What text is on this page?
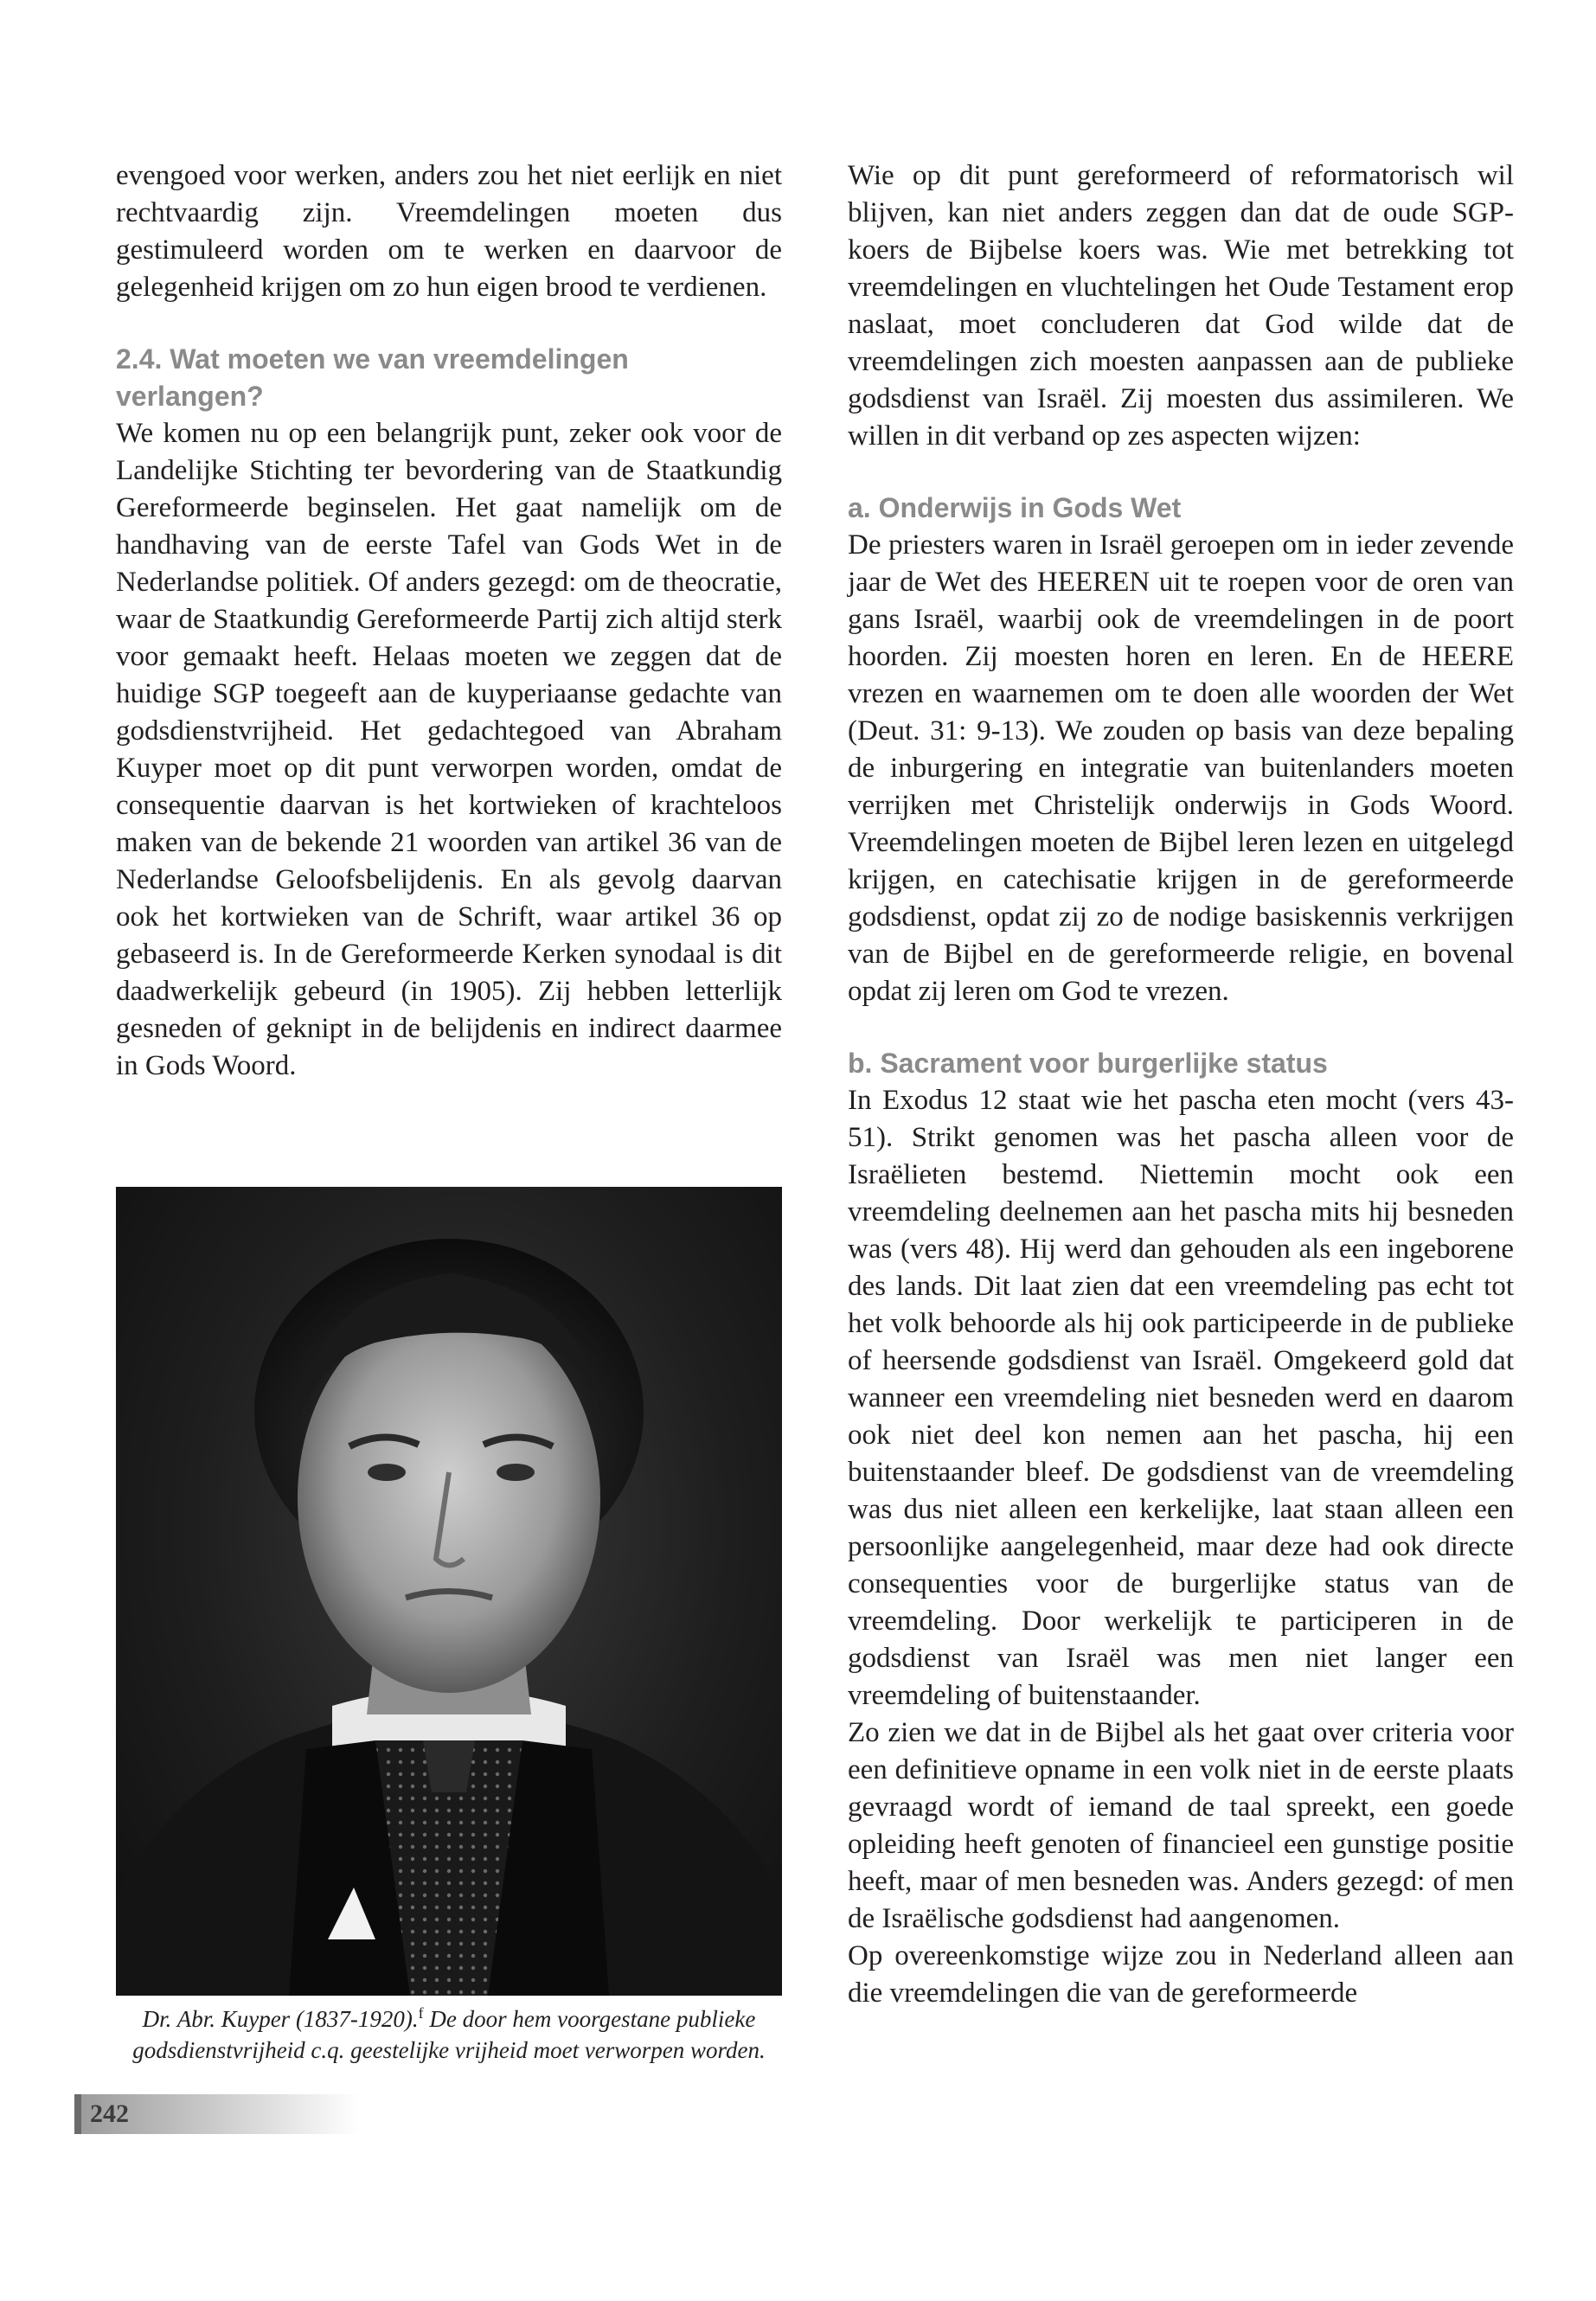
evengoed voor werken, anders zou het niet eerlijk en niet rechtvaardig zijn. Vreemdelingen moeten dus gestimuleerd worden om te werken en daarvoor de gelegenheid krijgen om zo hun eigen brood te verdienen.

2.4. Wat moeten we van vreemdelingen verlangen?

We komen nu op een belangrijk punt, zeker ook voor de Landelijke Stichting ter bevordering van de Staatkundig Gereformeerde beginselen. Het gaat namelijk om de handhaving van de eerste Tafel van Gods Wet in de Nederlandse politiek. Of anders gezegd: om de theocratie, waar de Staatkundig Gereformeerde Partij zich altijd sterk voor gemaakt heeft. Helaas moeten we zeggen dat de huidige SGP toegeeft aan de kuyperiaanse gedachte van godsdienstvrijheid. Het gedachtegoed van Abraham Kuyper moet op dit punt verworpen worden, omdat de consequentie daarvan is het kortwieken of krachteloos maken van de bekende 21 woorden van artikel 36 van de Nederlandse Geloofsbelijdenis. En als gevolg daarvan ook het kortwieken van de Schrift, waar artikel 36 op gebaseerd is. In de Gereformeerde Kerken synodaal is dit daadwerkelijk gebeurd (in 1905). Zij hebben letterlijk gesneden of geknipt in de belijdenis en indirect daarmee in Gods Woord.

Dr. Abr. Kuyper (1837-1920).$^f$ De door hem voorgestane publieke godsdienstvrijheid c.q. geestelijke vrijheid moet verworpen worden.

Wie op dit punt gereformeerd of reformatorisch wil blijven, kan niet anders zeggen dan dat de oude SGP-koers de Bijbelse koers was. Wie met betrekking tot vreemdelingen en vluchtelingen het Oude Testament erop naslaat, moet concluderen dat God wilde dat de vreemdelingen zich moesten aanpassen aan de publieke godsdienst van Israël. Zij moesten dus assimileren. We willen in dit verband op zes aspecten wijzen:

a. Onderwijs in Gods Wet

De priesters waren in Israël geroepen om in ieder zevende jaar de Wet des HEEREN uit te roepen voor de oren van gans Israël, waarbij ook de vreemdelingen in de poort hoorden. Zij moesten horen en leren. En de HEERE vrezen en waarnemen om te doen alle woorden der Wet (Deut. 31: 9-13). We zouden op basis van deze bepaling de inburgering en integratie van buitenlanders moeten verrijken met Christelijk onderwijs in Gods Woord. Vreemdelingen moeten de Bijbel leren lezen en uitgelegd krijgen, en catechisatie krijgen in de gereformeerde godsdienst, opdat zij zo de nodige basiskennis verkrijgen van de Bijbel en de gereformeerde religie, en bovenal opdat zij leren om God te vrezen.

b. Sacrament voor burgerlijke status

In Exodus 12 staat wie het pascha eten mocht (vers 43-51). Strikt genomen was het pascha alleen voor de Israëlieten bestemd. Niettemin mocht ook een vreemdeling deelnemen aan het pascha mits hij besneden was (vers 48). Hij werd dan gehouden als een ingeborene des lands. Dit laat zien dat een vreemdeling pas echt tot het volk behoorde als hij ook participeerde in de publieke of heersende godsdienst van Israël. Omgekeerd gold dat wanneer een vreemdeling niet besneden werd en daarom ook niet deel kon nemen aan het pascha, hij een buitenstaander bleef. De godsdienst van de vreemdeling was dus niet alleen een kerkelijke, laat staan alleen een persoonlijke aangelegenheid, maar deze had ook directe consequenties voor de burgerlijke status van de vreemdeling. Door werkelijk te participeren in de godsdienst van Israël was men niet langer een vreemdeling of buitenstaander.

Zo zien we dat in de Bijbel als het gaat over criteria voor een definitieve opname in een volk niet in de eerste plaats gevraagd wordt of iemand de taal spreekt, een goede opleiding heeft genoten of financieel een gunstige positie heeft, maar of men besneden was. Anders gezegd: of men de Israëlische godsdienst had aangenomen.

Op overeenkomstige wijze zou in Nederland alleen aan die vreemdelingen die van de gereformeerde

242
